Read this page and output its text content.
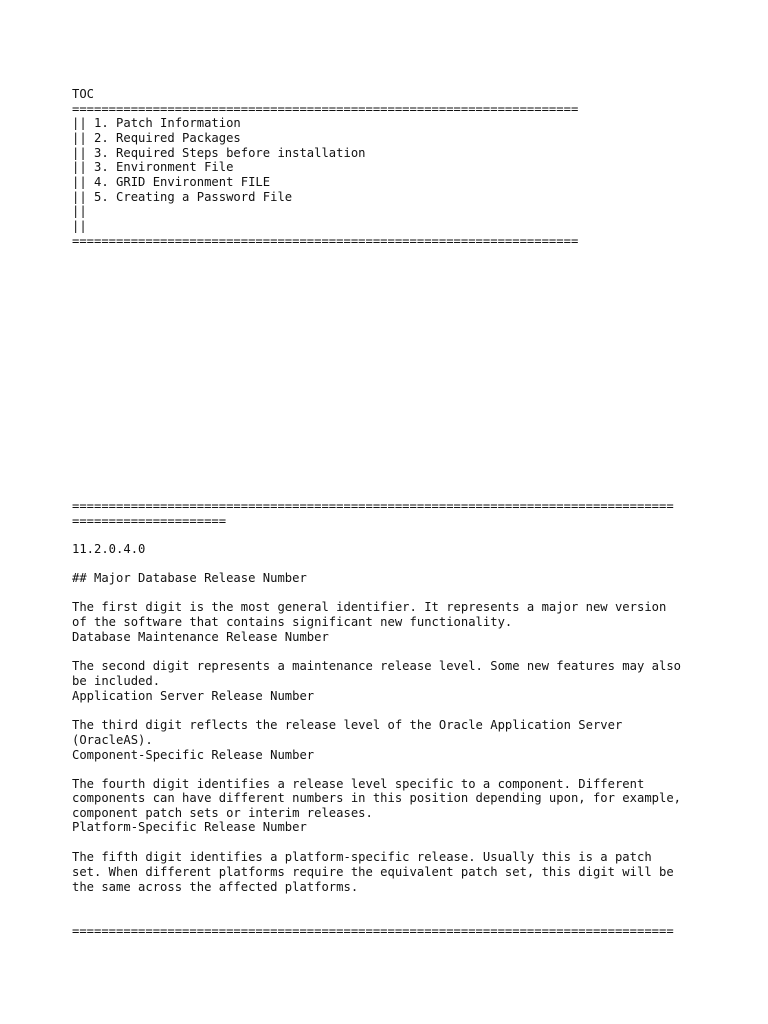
TOC
=====================================================================
|| 1. Patch Information
|| 2. Required Packages
|| 3. Required Steps before installation
|| 3. Environment File
|| 4. GRID Environment FILE
|| 5. Creating a Password File
||
||
=====================================================================
==================================================================================
=====================
11.2.0.4.0
## Major Database Release Number
The first digit is the most general identifier. It represents a major new version
of the software that contains significant new functionality.
Database Maintenance Release Number
The second digit represents a maintenance release level. Some new features may also
be included.
Application Server Release Number
The third digit reflects the release level of the Oracle Application Server
(OracleAS).
Component-Specific Release Number
The fourth digit identifies a release level specific to a component. Different
components can have different numbers in this position depending upon, for example,
component patch sets or interim releases.
Platform-Specific Release Number
The fifth digit identifies a platform-specific release. Usually this is a patch
set. When different platforms require the equivalent patch set, this digit will be
the same across the affected platforms.
==================================================================================
